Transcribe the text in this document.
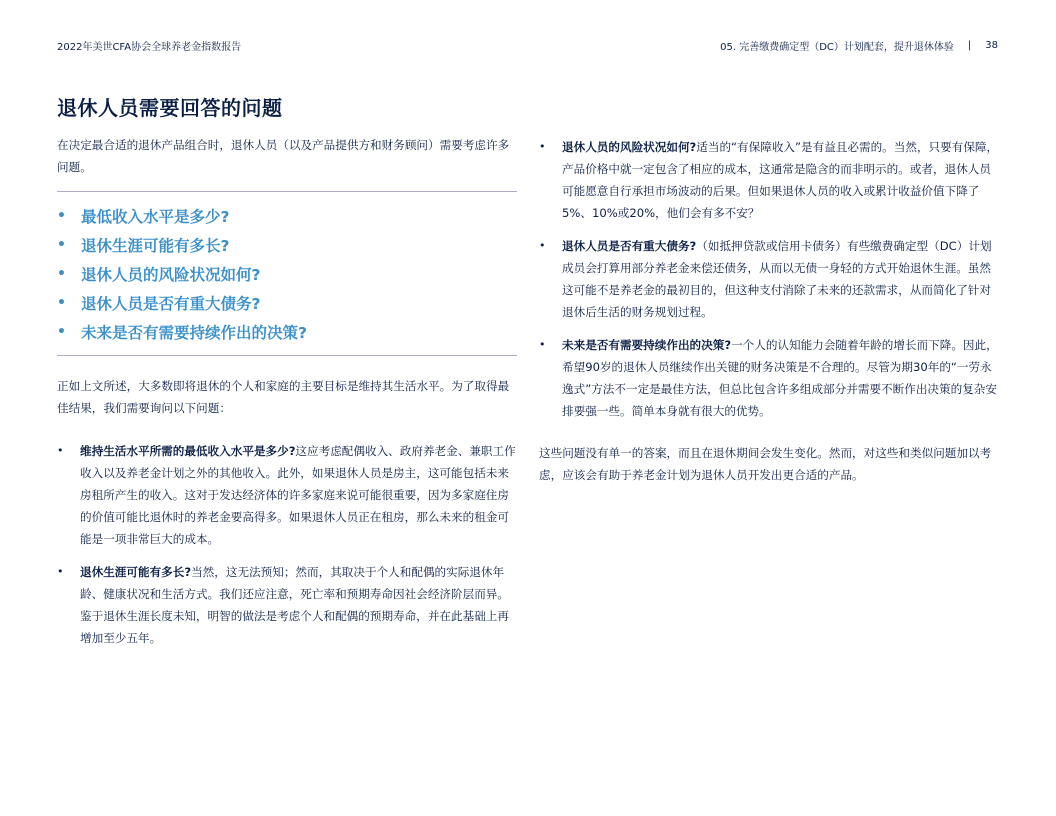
2022年美世CFA协会全球养老金指数报告	05. 完善缴费确定型（DC）计划配套，提升退休体验 | 38
退休人员需要回答的问题

在决定最合适的退休产品组合时，退休人员（以及产品提供方和财务顾问）需要考虑许多问题。

• 最低收入水平是多少?
• 退休生涯可能有多长?
• 退休人员的风险状况如何?
• 退休人员是否有重大债务?
• 未来是否有需要持续作出的决策?

正如上文所述，大多数即将退休的个人和家庭的主要目标是维持其生活水平。为了取得最佳结果，我们需要询问以下问题：

•	维持生活水平所需的最低收入水平是多少?这应考虑配偶收入、政府养老金、兼职工作收入以及养老金计划之外的其他收入。此外，如果退休人员是房主，这可能包括未来房租所产生的收入。这对于发达经济体的许多家庭来说可能很重要，因为多家庭住房的价值可能比退休时的养老金要高得多。如果退休人员正在租房，那么未来的租金可能是一项非常巨大的成本。
•	退休生涯可能有多长?当然，这无法预知；然而，其取决于个人和配偶的实际退休年龄、健康状况和生活方式。我们还应注意，死亡率和预期寿命因社会经济阶层而异。鉴于退休生涯长度未知，明智的做法是考虑个人和配偶的预期寿命，并在此基础上再增加至少五年。
•	退休人员的风险状况如何?适当的“有保障收入”是有益且必需的。当然，只要有保障，产品价格中就一定包含了相应的成本，这通常是隐含的而非明示的。或者，退休人员可能愿意自行承担市场波动的后果。但如果退休人员的收入或累计收益价值下降了5%、10%或20%，他们会有多不安？
•	退休人员是否有重大债务?（如抵押贷款或信用卡债务）有些缴费确定型（DC）计划成员会打算用部分养老金来偿还债务，从而以无债一身轻的方式开始退休生涯。虽然这可能不是养老金的最初目的，但这种支付消除了未来的还款需求，从而简化了针对退休后生活的财务规划过程。
•	未来是否有需要持续作出的决策?一个人的认知能力会随着年龄的增长而下降。因此，希望90岁的退休人员继续作出关键的财务决策是不合理的。尽管为期30年的“一劳永逸式”方法不一定是最佳方法，但总比包含许多组成部分并需要不断作出决策的复杂安排要强一些。简单本身就有很大的优势。

这些问题没有单一的答案，而且在退休期间会发生变化。然而，对这些和类似问题加以考虑，应该会有助于养老金计划为退休人员开发出更合适的产品。
